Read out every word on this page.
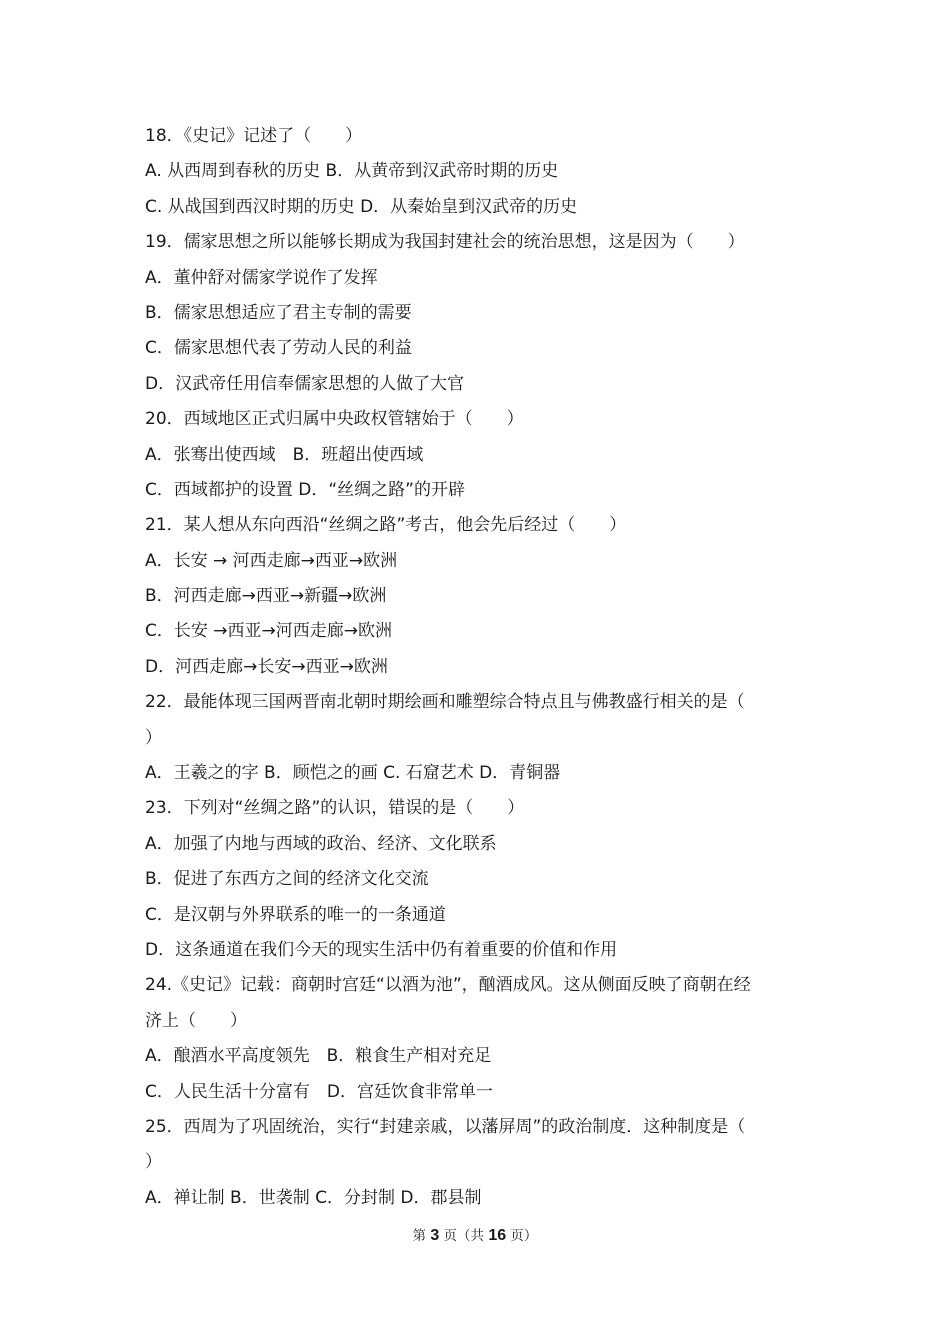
18．《史记》记述了（　　）
A. 从西周到春秋的历史 B．从黄帝到汉武帝时期的历史
C. 从战国到西汉时期的历史 D．从秦始皇到汉武帝的历史
19．儒家思想之所以能够长期成为我国封建社会的统治思想，这是因为（　　）
A．董仲舒对儒家学说作了发挥
B．儒家思想适应了君主专制的需要
C．儒家思想代表了劳动人民的利益
D．汉武帝任用信奉儒家思想的人做了大官
20．西域地区正式归属中央政权管辖始于（　　）
A．张骞出使西域　B．班超出使西域
C．西域都护的设置 D．“丝绸之路”的开辟
21．某人想从东向西沿“丝绸之路”考古，他会先后经过（　　）
A．长安 → 河西走廊→西亚→欧洲
B．河西走廊→西亚→新疆→欧洲
C．长安 →西亚→河西走廊→欧洲
D．河西走廊→长安→西亚→欧洲
22．最能体现三国两晋南北朝时期绘画和雕塑综合特点且与佛教盛行相关的是（
）
A．王羲之的字 B．顾恺之的画 C. 石窟艺术 D．青铜器
23．下列对“丝绸之路”的认识，错误的是（　　）
A．加强了内地与西域的政治、经济、文化联系
B．促进了东西方之间的经济文化交流
C．是汉朝与外界联系的唯一的一条通道
D．这条通道在我们今天的现实生活中仍有着重要的价值和作用
24.《史记》记载：商朝时宫廷“以酒为池”，酗酒成风。这从侧面反映了商朝在经
济上（　　）
A．酿酒水平高度领先　B．粮食生产相对充足
C．人民生活十分富有　D．宫廷饮食非常单一
25．西周为了巩固统治，实行“封建亲戚，以藩屏周”的政治制度．这种制度是（
）
A．禅让制 B．世袭制 C．分封制 D．郡县制
第 3 页（共 16 页）
